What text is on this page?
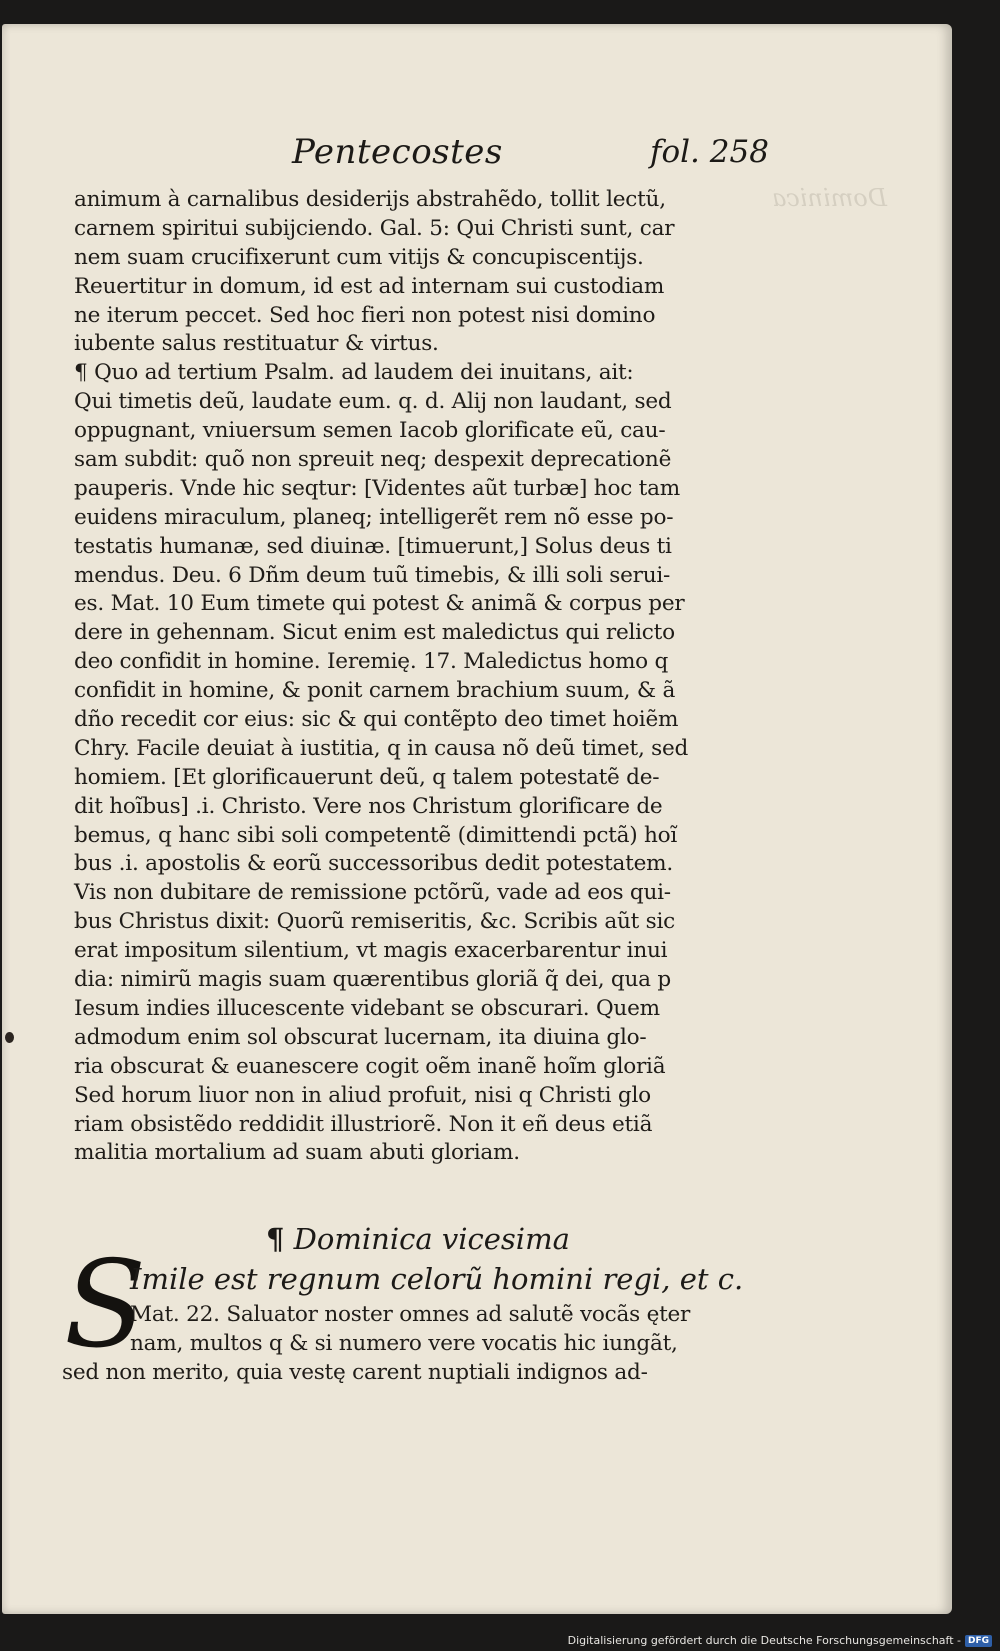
Dominica
Pentecostes	fol. 258
animum à carnalibus desiderijs abstrahẽdo, tollit lectũ,
carnem spiritui subijciendo. Gal. 5: Qui Christi sunt, car
nem suam crucifixerunt cum vitijs & concupiscentijs.
Reuertitur in domum, id est ad internam sui custodiam
ne iterum peccet. Sed hoc fieri non potest nisi domino
iubente salus restituatur & virtus.
¶ Quo ad tertium Psalm. ad laudem dei inuitans, ait:
Qui timetis deũ, laudate eum. q. d. Alij non laudant, sed
oppugnant, vniuersum semen Iacob glorificate eũ, cau-
sam subdit: quõ non spreuit neq; despexit deprecationẽ
pauperis. Vnde hic seqtur: [Videntes aũt turbæ] hoc tam
euidens miraculum, planeq; intelligerẽt rem nõ esse po-
testatis humanæ, sed diuinæ. [timuerunt,] Solus deus ti
mendus. Deu. 6 Dñm deum tuũ timebis, & illi soli serui-
es. Mat. 10 Eum timete qui potest & animã & corpus per
dere in gehennam. Sicut enim est maledictus qui relicto
deo confidit in homine. Ieremię. 17. Maledictus homo q
confidit in homine, & ponit carnem brachium suum, & ã
dño recedit cor eius: sic & qui contẽpto deo timet hoiẽm
Chry. Facile deuiat à iustitia, q in causa nõ deũ timet, sed
homiem. [Et glorificauerunt deũ, q talem potestatẽ de-
dit hoĩbus] .i. Christo. Vere nos Christum glorificare de
bemus, q hanc sibi soli competentẽ (dimittendi pctã) hoĩ
bus .i. apostolis & eorũ successoribus dedit potestatem.
Vis non dubitare de remissione pctõrũ, vade ad eos qui-
bus Christus dixit: Quorũ remiseritis, &c. Scribis aũt sic
erat impositum silentium, vt magis exacerbarentur inui
dia: nimirũ magis suam quærentibus gloriã q̃ dei, qua p
Iesum indies illucescente videbant se obscurari. Quem
admodum enim sol obscurat lucernam, ita diuina glo-
ria obscurat & euanescere cogit oẽm inanẽ hoĩm gloriã
Sed horum liuor non in aliud profuit, nisi q Christi glo
riam obsistẽdo reddidit illustriorẽ. Non it eñ deus etiã
malitia mortalium ad suam abuti gloriam.
¶ Dominica vicesima
S
Imile est regnum celorũ homini regi, et c.
Mat. 22. Saluator noster omnes ad salutẽ vocãs ęter
nam, multos q & si numero vere vocatis hic iungãt,
sed non merito, quia vestę carent nuptiali indignos ad-
Digitalisierung gefördert durch die Deutsche Forschungsgemeinschaft - DFG
